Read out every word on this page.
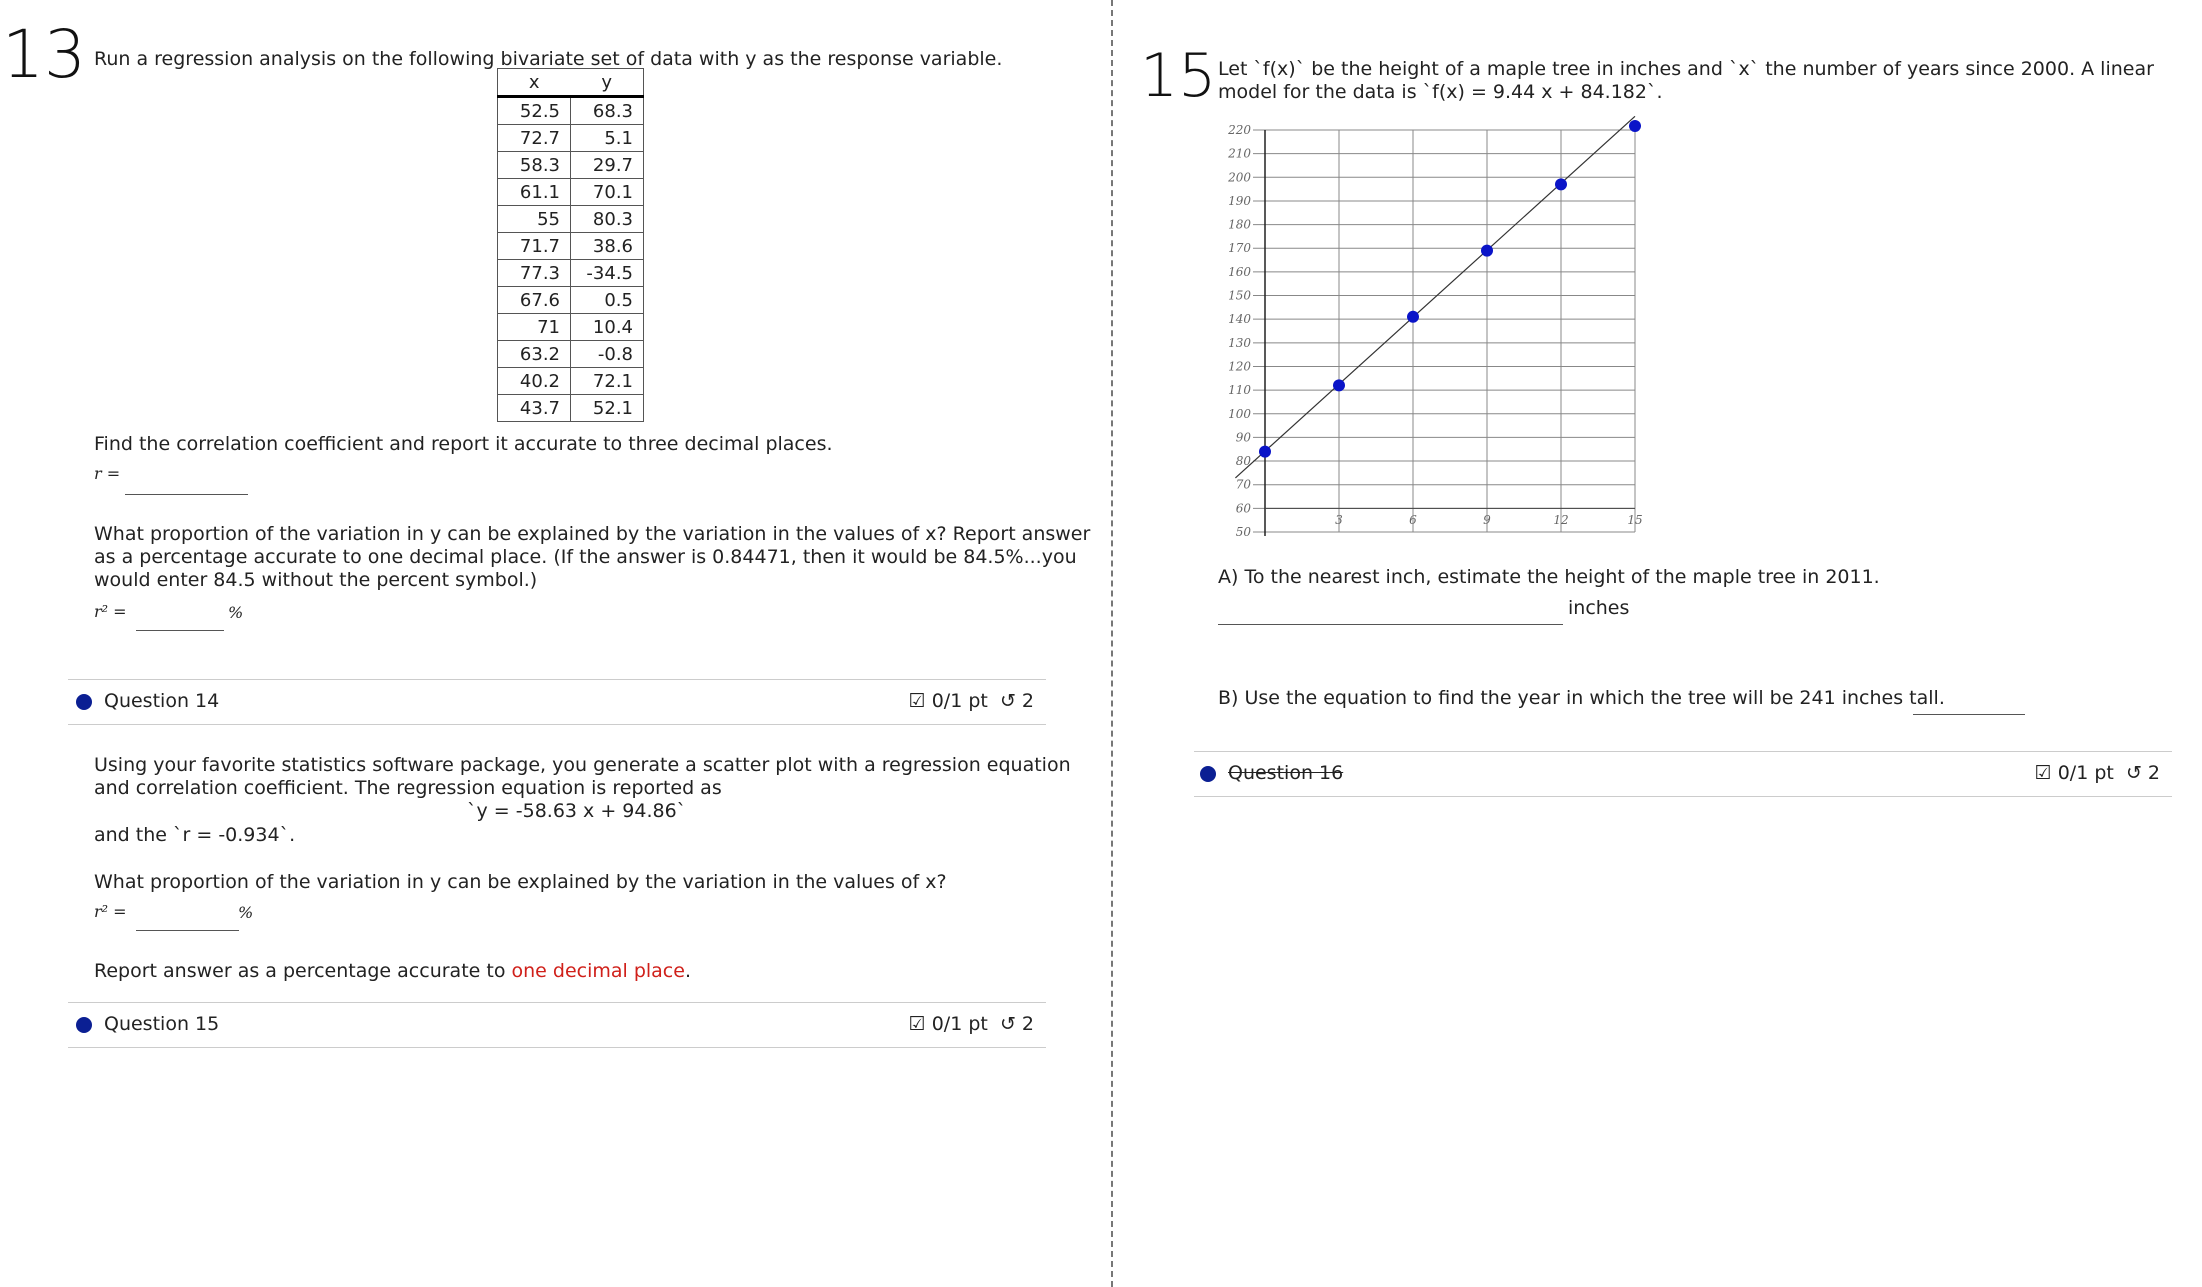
13 Run a regression analysis on the following bivariate set of data with y as the response variable.
x	y
52.5	68.3
72.7	5.1
58.3	29.7
61.1	70.1
55	80.3
71.7	38.6
77.3	-34.5
67.6	0.5
71	10.4
63.2	-0.8
40.2	72.1
43.7	52.1
Find the correlation coefficient and report it accurate to three decimal places.
r =
What proportion of the variation in y can be explained by the variation in the values of x? Report answer
as a percentage accurate to one decimal place. (If the answer is 0.84471, then it would be 84.5%...you
would enter 84.5 without the percent symbol.)
r² =	%
Question 14	☑ 0/1 pt ↺ 2
Using your favorite statistics software package, you generate a scatter plot with a regression equation
and correlation coefficient. The regression equation is reported as
`y = -58.63 x + 94.86`
and the `r = -0.934`.
What proportion of the variation in y can be explained by the variation in the values of x?
r² =	%
Report answer as a percentage accurate to one decimal place.
Question 15	☑ 0/1 pt ↺ 2
15 Let `f(x)` be the height of a maple tree in inches and `x` the number of years since 2000. A linear
model for the data is `f(x) = 9.44 x + 84.182`.
50
60
70
80
90
100
110
120
130
140
150
160
170
180
190
200
210
220
3	6	9	12	15
A) To the nearest inch, estimate the height of the maple tree in 2011.
inches
B) Use the equation to find the year in which the tree will be 241 inches tall.
Question 16	☑ 0/1 pt ↺ 2
